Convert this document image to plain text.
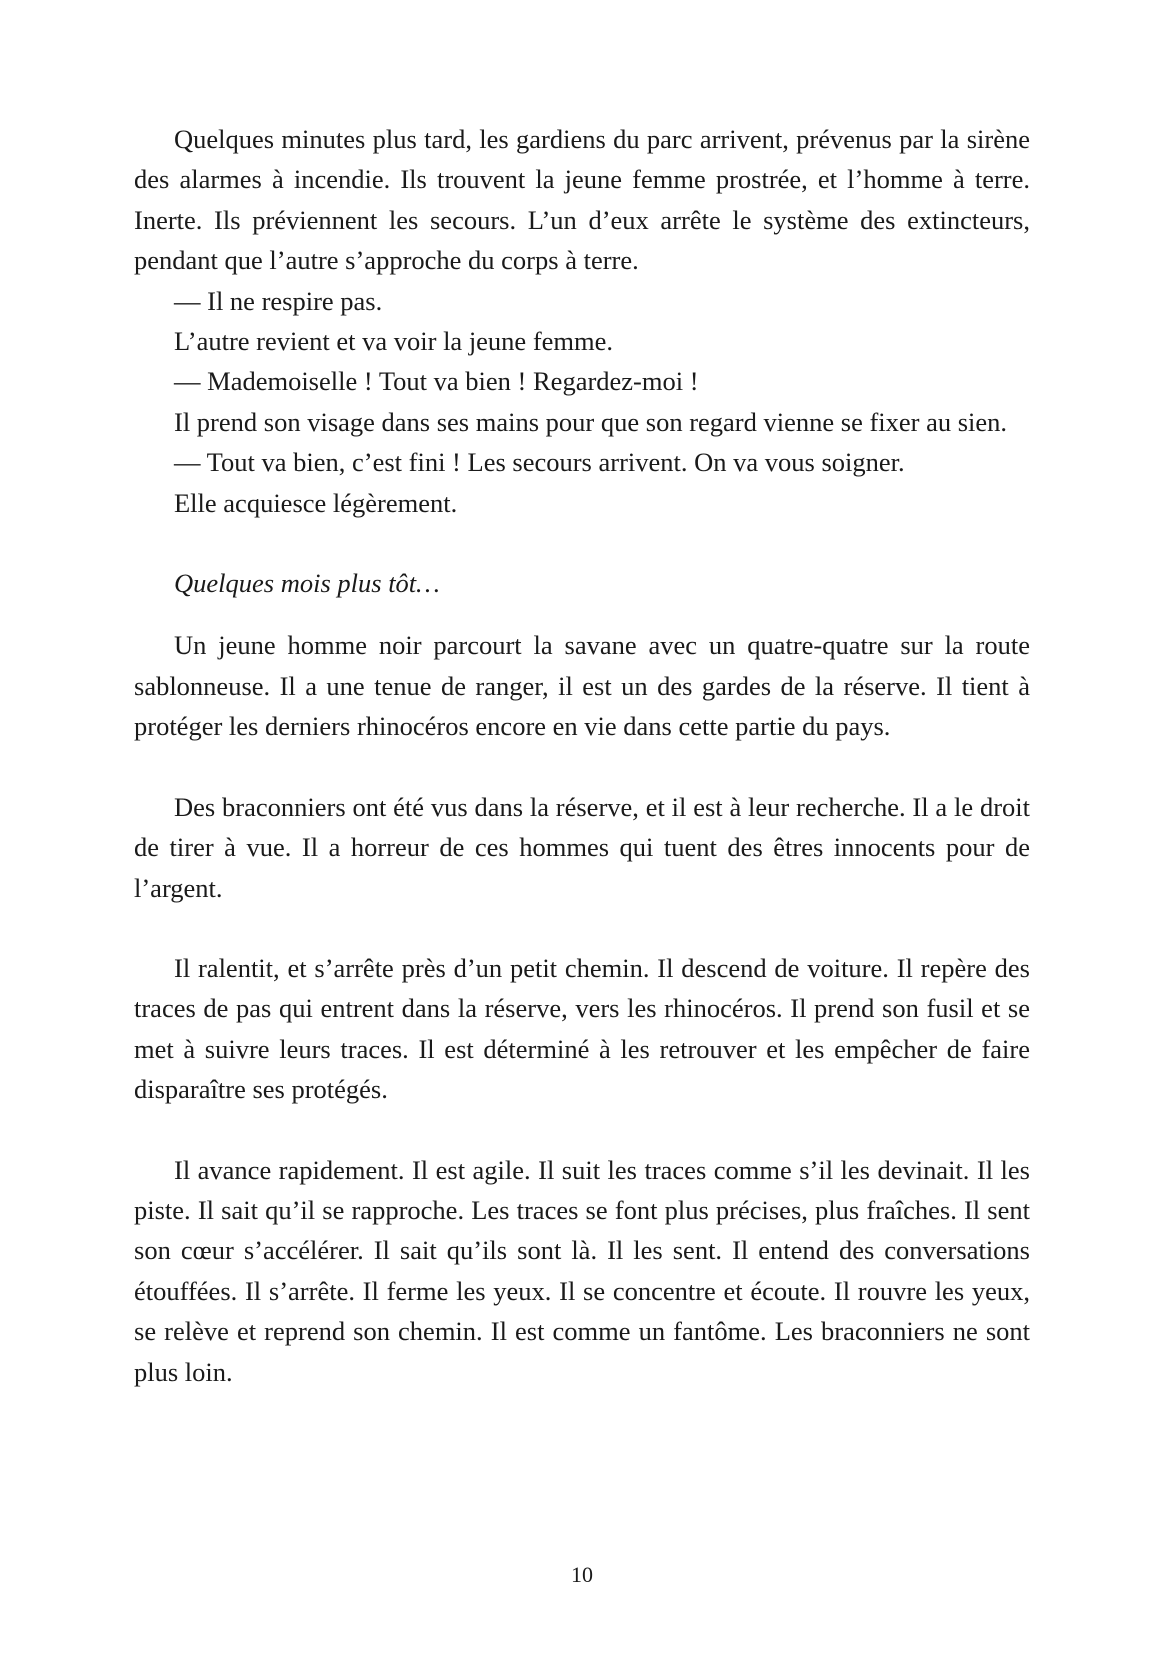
Quelques minutes plus tard, les gardiens du parc arrivent, prévenus par la sirène des alarmes à incendie. Ils trouvent la jeune femme prostrée, et l’homme à terre. Inerte. Ils préviennent les secours. L’un d’eux arrête le système des extincteurs, pendant que l’autre s’approche du corps à terre.

— Il ne respire pas.

L’autre revient et va voir la jeune femme.

— Mademoiselle ! Tout va bien ! Regardez-moi !

Il prend son visage dans ses mains pour que son regard vienne se fixer au sien.

— Tout va bien, c’est fini ! Les secours arrivent. On va vous soigner.

Elle acquiesce légèrement.

Quelques mois plus tôt…

Un jeune homme noir parcourt la savane avec un quatre-quatre sur la route sablonneuse. Il a une tenue de ranger, il est un des gardes de la réserve. Il tient à protéger les derniers rhinocéros encore en vie dans cette partie du pays.

Des braconniers ont été vus dans la réserve, et il est à leur recherche. Il a le droit de tirer à vue. Il a horreur de ces hommes qui tuent des êtres innocents pour de l’argent.

Il ralentit, et s’arrête près d’un petit chemin. Il descend de voiture. Il repère des traces de pas qui entrent dans la réserve, vers les rhinocéros. Il prend son fusil et se met à suivre leurs traces. Il est déterminé à les retrouver et les empêcher de faire disparaître ses protégés.

Il avance rapidement. Il est agile. Il suit les traces comme s’il les devinait. Il les piste. Il sait qu’il se rapproche. Les traces se font plus précises, plus fraîches. Il sent son cœur s’accélérer. Il sait qu’ils sont là. Il les sent. Il entend des conversations étouffées. Il s’arrête. Il ferme les yeux. Il se concentre et écoute. Il rouvre les yeux, se relève et reprend son chemin. Il est comme un fantôme. Les braconniers ne sont plus loin.

10
